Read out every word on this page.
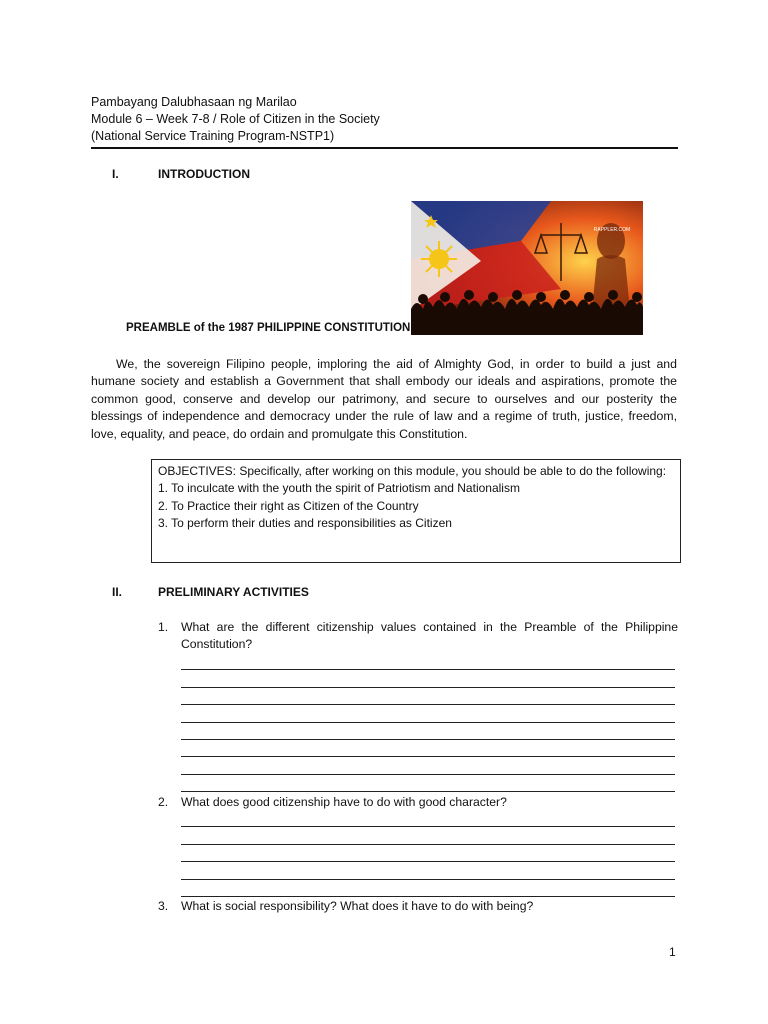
Pambayang Dalubhasaan ng Marilao
Module 6 – Week 7-8 / Role of Citizen in the Society
(National Service Training Program-NSTP1)
I.	INTRODUCTION
RAPPLER.COM
PREAMBLE of the 1987 PHILIPPINE CONSTITUTION

We, the sovereign Filipino people, imploring the aid of Almighty God, in order to build a just and humane society and establish a Government that shall embody our ideals and aspirations, promote the common good, conserve and develop our patrimony, and secure to ourselves and our posterity the blessings of independence and democracy under the rule of law and a regime of truth, justice, freedom, love, equality, and peace, do ordain and promulgate this Constitution.

OBJECTIVES: Specifically, after working on this module, you should be able to do the following:
1. To inculcate with the youth the spirit of Patriotism and Nationalism
2. To Practice their right as Citizen of the Country
3. To perform their duties and responsibilities as Citizen
II.	PRELIMINARY ACTIVITIES
1. What are the different citizenship values contained in the Preamble of the Philippine Constitution?
2. What does good citizenship have to do with good character?
3. What is social responsibility? What does it have to do with being?
1
